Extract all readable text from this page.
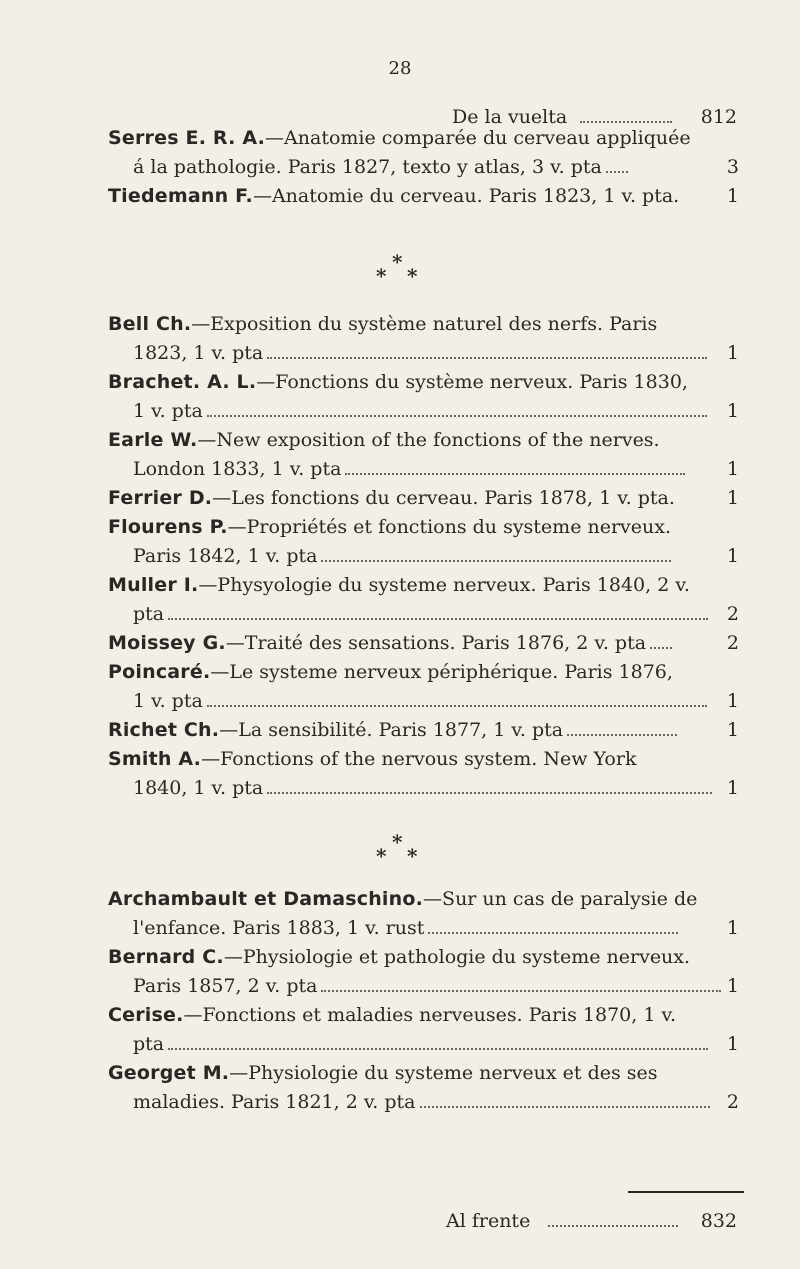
28
De la vuelta	812
Serres E. R. A.—Anatomie comparée du cerveau appliquée
á la pathologie. Paris 1827, texto y atlas, 3 v. pta	3
Tiedemann F.—Anatomie du cerveau. Paris 1823, 1 v. pta.	1
*
* *
Bell Ch.—Exposition du système naturel des nerfs. Paris
1823, 1 v. pta	1
Brachet. A. L.—Fonctions du système nerveux. Paris 1830,
1 v. pta	1
Earle W.—New exposition of the fonctions of the nerves.
London 1833, 1 v. pta	1
Ferrier D.—Les fonctions du cerveau. Paris 1878, 1 v. pta.	1
Flourens P.—Propriétés et fonctions du systeme nerveux.
Paris 1842, 1 v. pta	1
Muller I.—Physyologie du systeme nerveux. Paris 1840, 2 v.
pta	2
Moissey G.—Traité des sensations. Paris 1876, 2 v. pta	2
Poincaré.—Le systeme nerveux périphérique. Paris 1876,
1 v. pta	1
Richet Ch.—La sensibilité. Paris 1877, 1 v. pta	1
Smith A.—Fonctions of the nervous system. New York
1840, 1 v. pta	1
*
* *
Archambault et Damaschino.—Sur un cas de paralysie de
l'enfance. Paris 1883, 1 v. rust	1
Bernard C.—Physiologie et pathologie du systeme nerveux.
Paris 1857, 2 v. pta	1
Cerise.—Fonctions et maladies nerveuses. Paris 1870, 1 v.
pta	1
Georget M.—Physiologie du systeme nerveux et des ses
maladies. Paris 1821, 2 v. pta	2
Al frente	832
